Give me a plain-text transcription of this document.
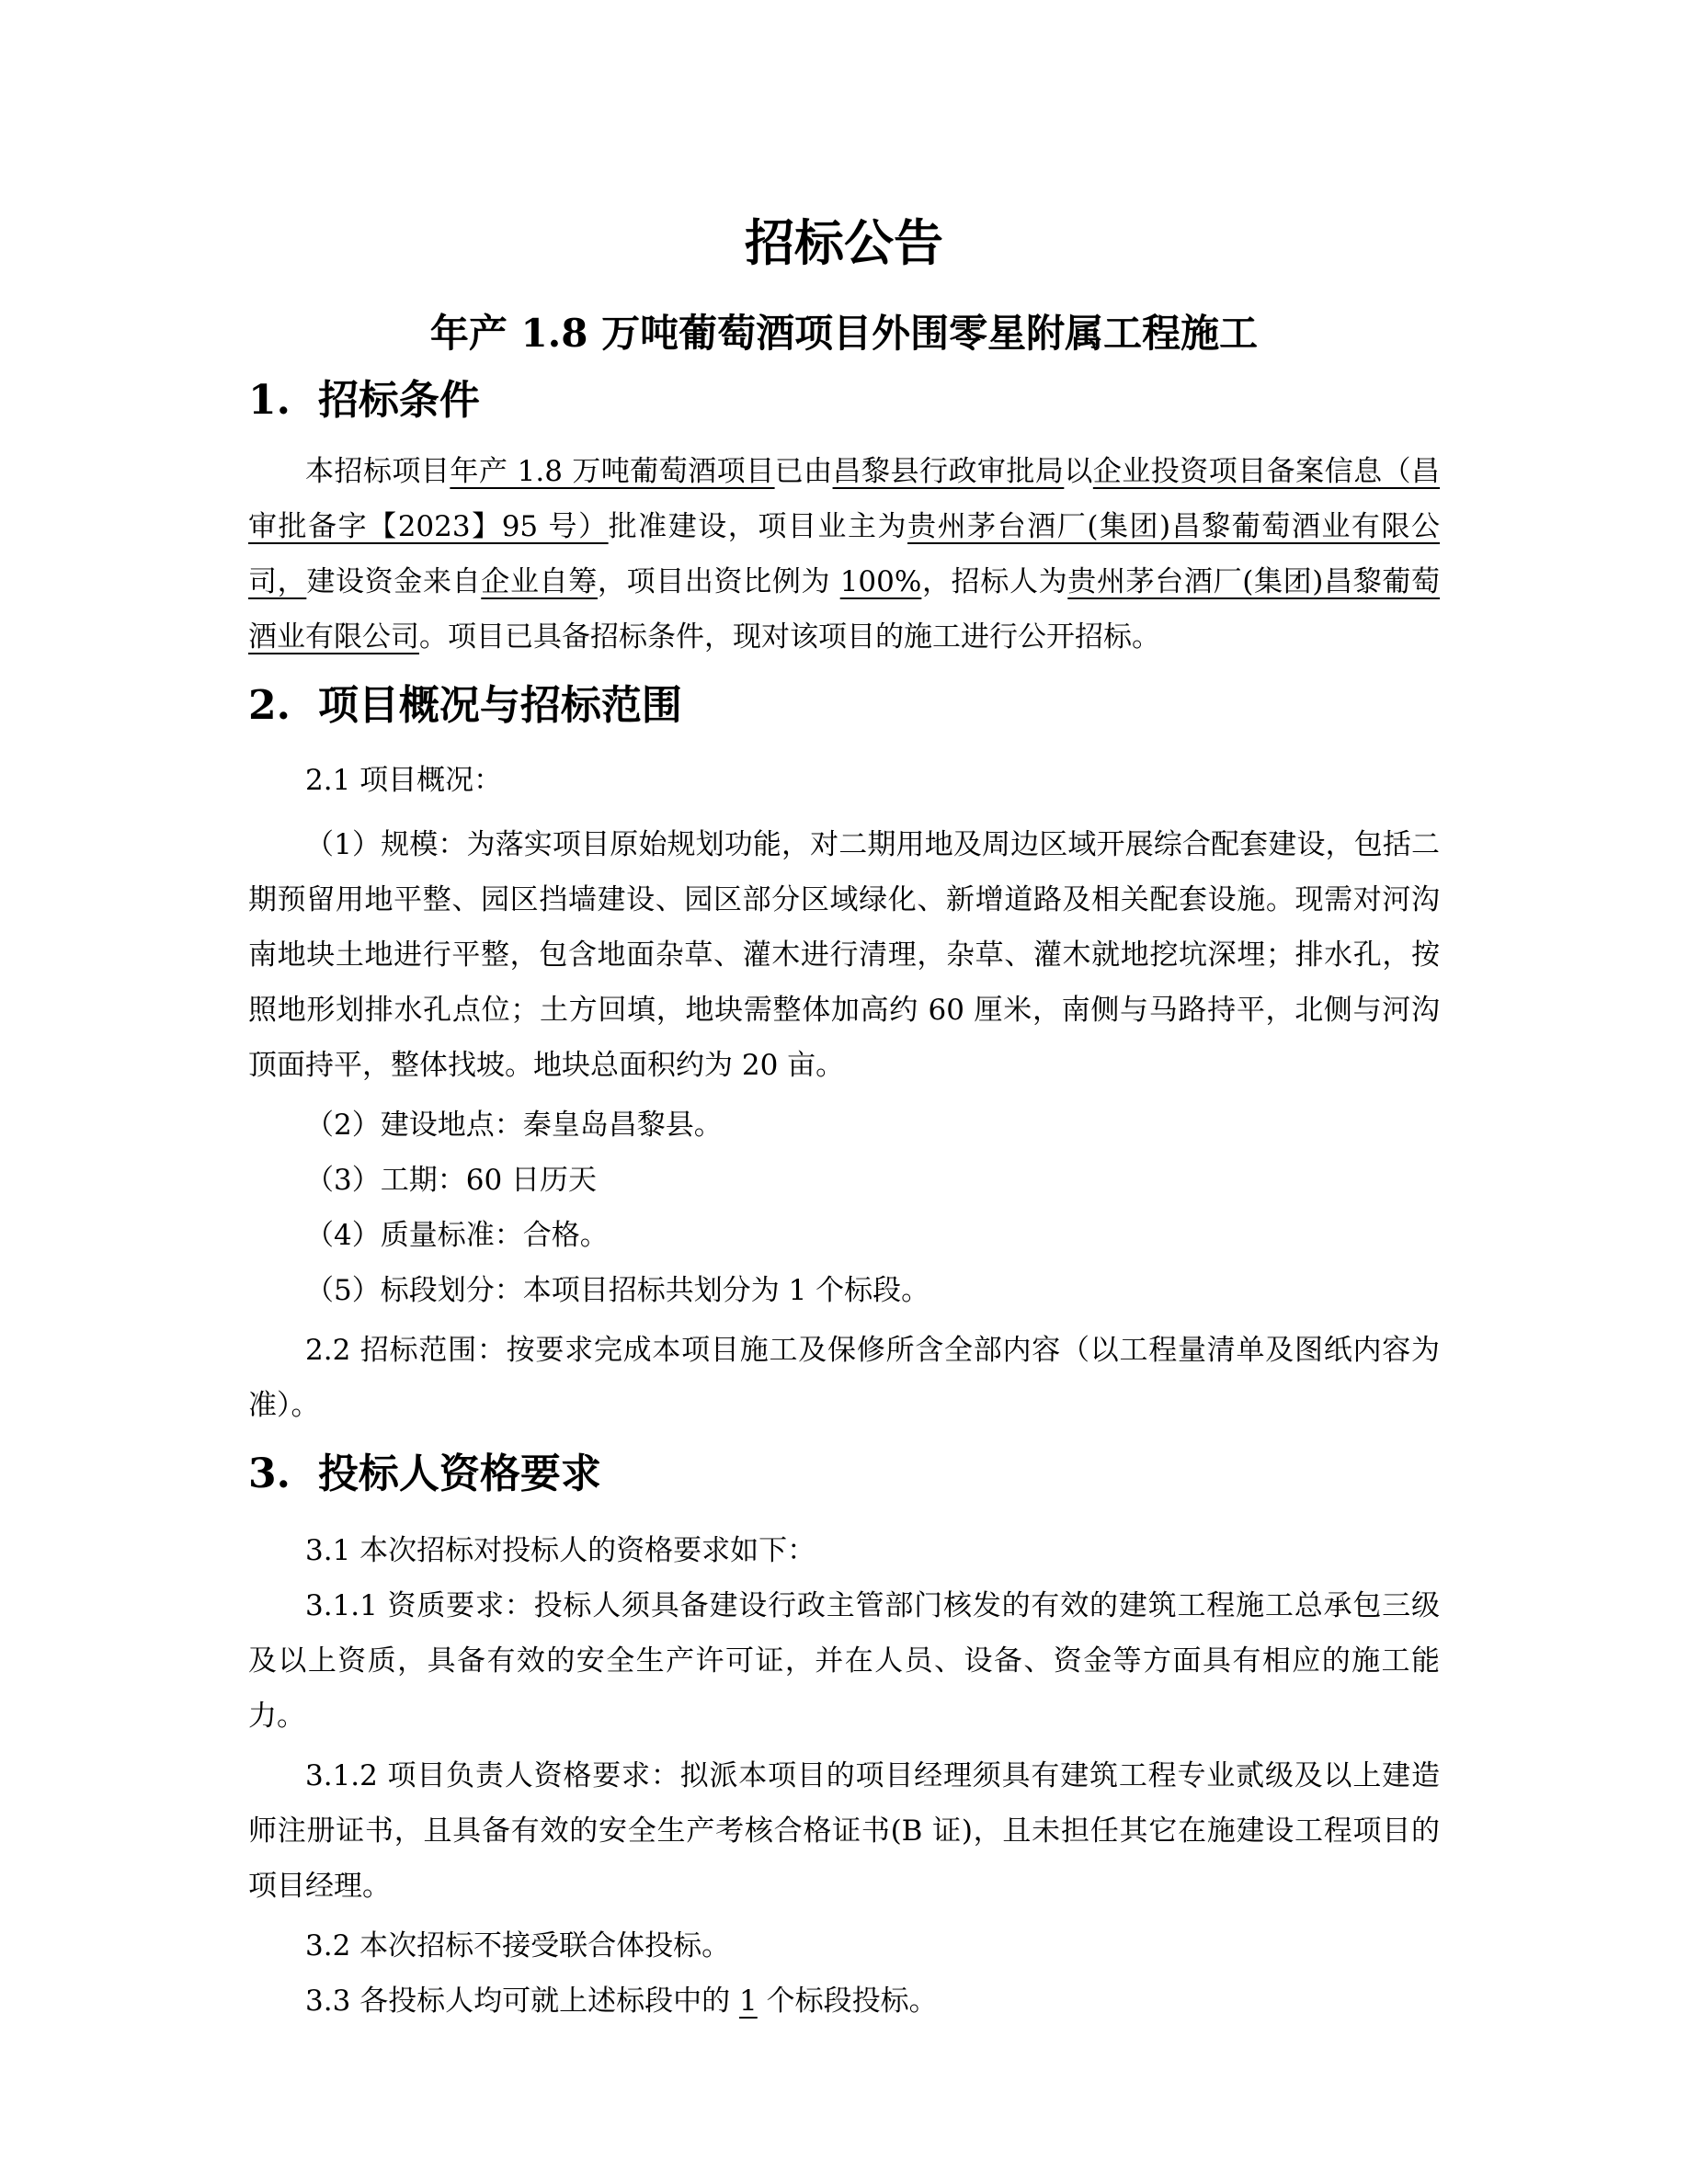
招标公告
年产 1.8 万吨葡萄酒项目外围零星附属工程施工
1. 招标条件

本招标项目年产 1.8 万吨葡萄酒项目已由昌黎县行政审批局以企业投资项目备案信息（昌审批备字【2023】95 号）批准建设，项目业主为贵州茅台酒厂(集团)昌黎葡萄酒业有限公司，建设资金来自企业自筹，项目出资比例为 100%，招标人为贵州茅台酒厂(集团)昌黎葡萄酒业有限公司。项目已具备招标条件，现对该项目的施工进行公开招标。

2. 项目概况与招标范围

2.1 项目概况：

（1）规模：为落实项目原始规划功能，对二期用地及周边区域开展综合配套建设，包括二期预留用地平整、园区挡墙建设、园区部分区域绿化、新增道路及相关配套设施。现需对河沟南地块土地进行平整，包含地面杂草、灌木进行清理，杂草、灌木就地挖坑深埋；排水孔，按照地形划排水孔点位；土方回填，地块需整体加高约 60 厘米，南侧与马路持平，北侧与河沟顶面持平，整体找坡。地块总面积约为 20 亩。

（2）建设地点：秦皇岛昌黎县。

（3）工期：60 日历天

（4）质量标准：合格。

（5）标段划分：本项目招标共划分为 1 个标段。

2.2 招标范围：按要求完成本项目施工及保修所含全部内容（以工程量清单及图纸内容为准）。

3. 投标人资格要求

3.1 本次招标对投标人的资格要求如下：

3.1.1 资质要求：投标人须具备建设行政主管部门核发的有效的建筑工程施工总承包三级及以上资质，具备有效的安全生产许可证，并在人员、设备、资金等方面具有相应的施工能力。

3.1.2 项目负责人资格要求：拟派本项目的项目经理须具有建筑工程专业贰级及以上建造师注册证书，且具备有效的安全生产考核合格证书(B 证)，且未担任其它在施建设工程项目的项目经理。

3.2 本次招标不接受联合体投标。

3.3 各投标人均可就上述标段中的 1 个标段投标。
